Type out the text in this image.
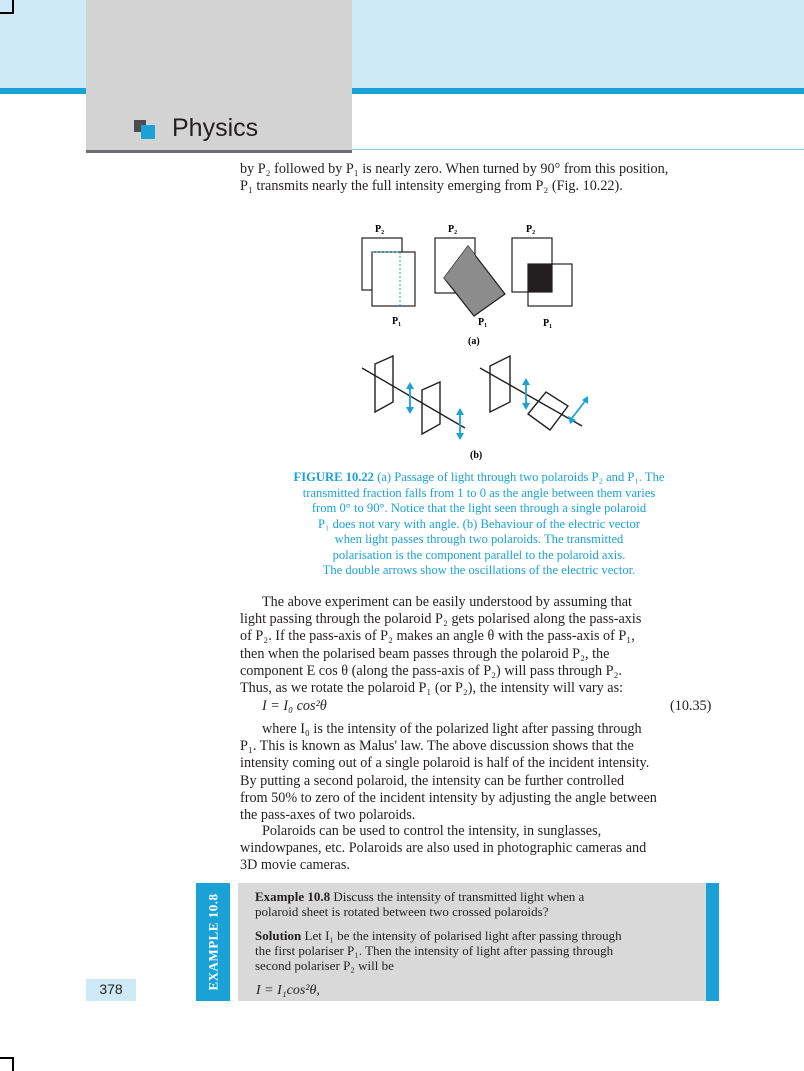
Physics

by P₂ followed by P₁ is nearly zero. When turned by 90° from this position,
P₁ transmits nearly the full intensity emerging from P₂ (Fig. 10.22).

P₂
P₁
P₂
P₁
P₂
P₁
(a)
(b)

FIGURE 10.22 (a) Passage of light through two polaroids P₂ and P₁. The
transmitted fraction falls from 1 to 0 as the angle between them varies
from 0° to 90°. Notice that the light seen through a single polaroid
P₁ does not vary with angle. (b) Behaviour of the electric vector
when light passes through two polaroids. The transmitted
polarisation is the component parallel to the polaroid axis.
The double arrows show the oscillations of the electric vector.

The above experiment can be easily understood by assuming that
light passing through the polaroid P₂ gets polarised along the pass-axis
of P₂. If the pass-axis of P₂ makes an angle θ with the pass-axis of P₁,
then when the polarised beam passes through the polaroid P₂, the
component E cos θ (along the pass-axis of P₂) will pass through P₂.
Thus, as we rotate the polaroid P₁ (or P₂), the intensity will vary as:

I = I₀ cos²θ	(10.35)

where I₀ is the intensity of the polarized light after passing through
P₁. This is known as Malus' law. The above discussion shows that the
intensity coming out of a single polaroid is half of the incident intensity.
By putting a second polaroid, the intensity can be further controlled
from 50% to zero of the incident intensity by adjusting the angle between
the pass-axes of two polaroids.

Polaroids can be used to control the intensity, in sunglasses,
windowpanes, etc. Polaroids are also used in photographic cameras and
3D movie cameras.

EXAMPLE 10.8	Example 10.8 Discuss the intensity of transmitted light when a
polaroid sheet is rotated between two crossed polaroids?

Solution Let I₁ be the intensity of polarised light after passing through
the first polariser P₁. Then the intensity of light after passing through
second polariser P₂ will be

I = I₁cos²θ,
378
